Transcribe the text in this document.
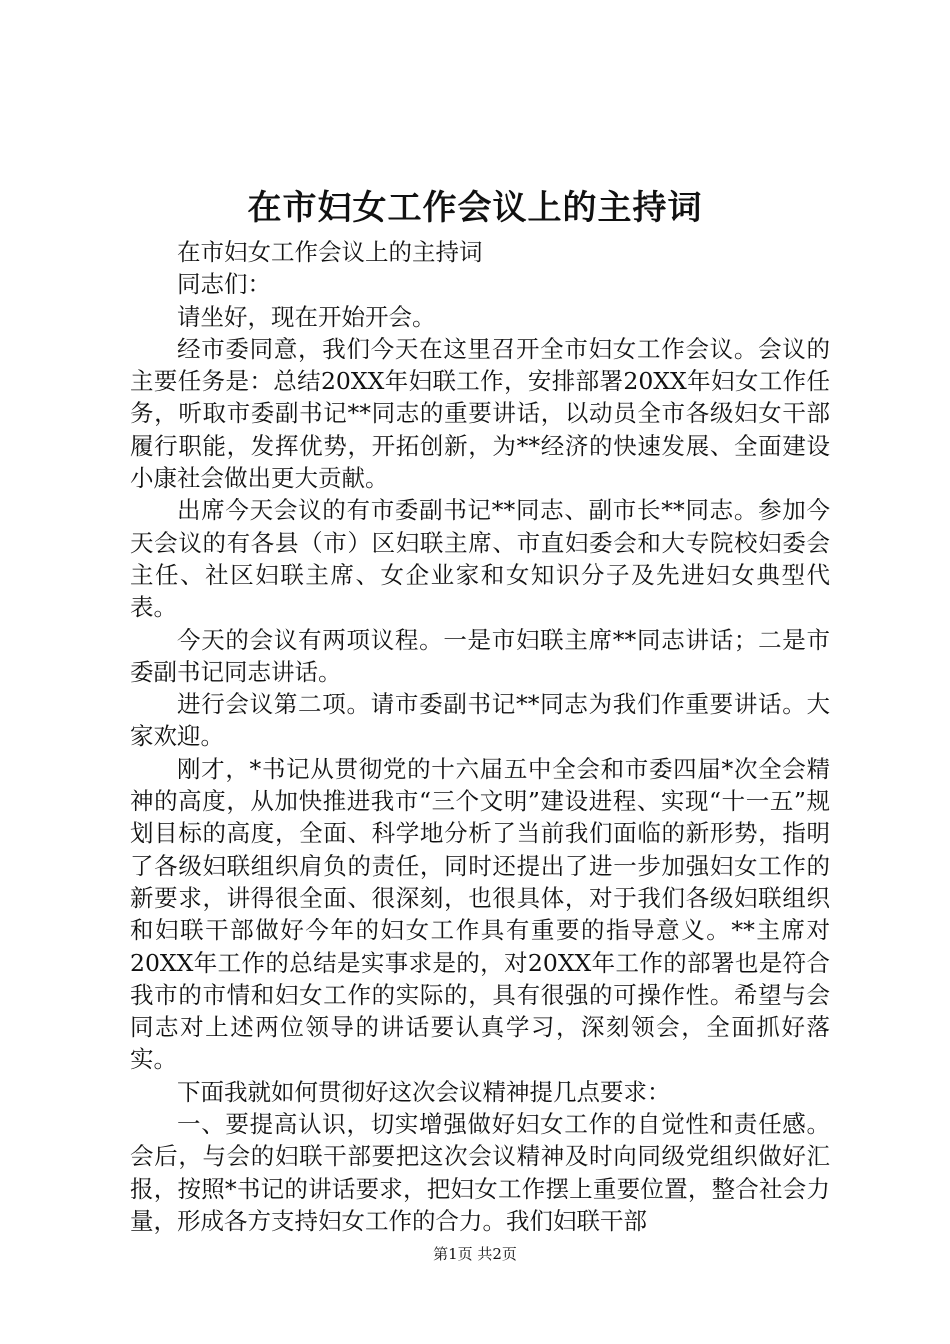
在市妇女工作会议上的主持词

在市妇女工作会议上的主持词

同志们：

请坐好，现在开始开会。

经市委同意，我们今天在这里召开全市妇女工作会议。会议的主要任务是：总结20XX年妇联工作，安排部署20XX年妇女工作任务，听取市委副书记**同志的重要讲话，以动员全市各级妇女干部履行职能，发挥优势，开拓创新，为**经济的快速发展、全面建设小康社会做出更大贡献。

出席今天会议的有市委副书记**同志、副市长**同志。参加今天会议的有各县（市）区妇联主席、市直妇委会和大专院校妇委会主任、社区妇联主席、女企业家和女知识分子及先进妇女典型代表。

今天的会议有两项议程。一是市妇联主席**同志讲话；二是市委副书记同志讲话。

进行会议第二项。请市委副书记**同志为我们作重要讲话。大家欢迎。

刚才，*书记从贯彻党的十六届五中全会和市委四届*次全会精神的高度，从加快推进我市“三个文明”建设进程、实现“十一五”规划目标的高度，全面、科学地分析了当前我们面临的新形势，指明了各级妇联组织肩负的责任，同时还提出了进一步加强妇女工作的新要求，讲得很全面、很深刻，也很具体，对于我们各级妇联组织和妇联干部做好今年的妇女工作具有重要的指导意义。**主席对20XX年工作的总结是实事求是的，对20XX年工作的部署也是符合我市的市情和妇女工作的实际的，具有很强的可操作性。希望与会同志对上述两位领导的讲话要认真学习，深刻领会，全面抓好落实。

下面我就如何贯彻好这次会议精神提几点要求：

一、要提高认识，切实增强做好妇女工作的自觉性和责任感。会后，与会的妇联干部要把这次会议精神及时向同级党组织做好汇报，按照*书记的讲话要求，把妇女工作摆上重要位置，整合社会力量，形成各方支持妇女工作的合力。我们妇联干部

第1页 共2页
